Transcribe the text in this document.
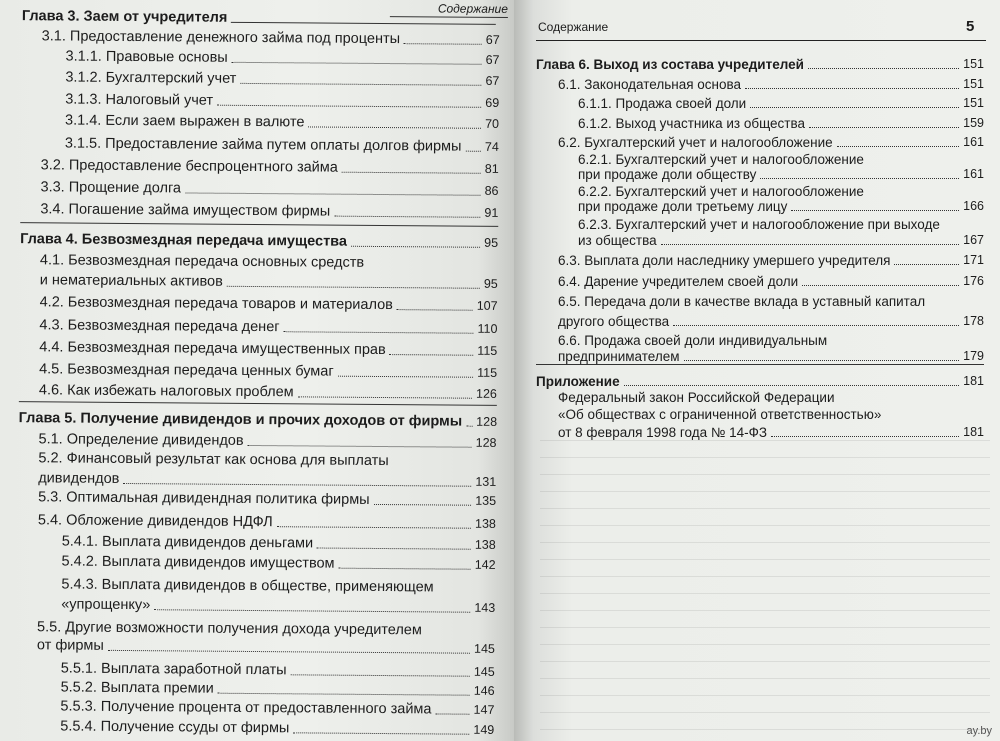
Содержание
Глава 3. Заем от учредителя
3.1. Предоставление денежного займа под проценты	67
3.1.1. Правовые основы	67
3.1.2. Бухгалтерский учет	67
3.1.3. Налоговый учет	69
3.1.4. Если заем выражен в валюте	70
3.1.5. Предоставление займа путем оплаты долгов фирмы 74
3.2. Предоставление беспроцентного займа	81
3.3. Прощение долга	86
3.4. Погашение займа имуществом фирмы	91
Глава 4. Безвозмездная передача имущества	95
4.1. Безвозмездная передача основных средств
и нематериальных активов	95
4.2. Безвозмездная передача товаров и материалов	107
4.3. Безвозмездная передача денег	110
4.4. Безвозмездная передача имущественных прав	115
4.5. Безвозмездная передача ценных бумаг	115
4.6. Как избежать налоговых проблем	126
Глава 5. Получение дивидендов и прочих доходов от фирмы 128
5.1. Определение дивидендов	128
5.2. Финансовый результат как основа для выплаты
дивидендов	131
5.3. Оптимальная дивидендная политика фирмы	135
5.4. Обложение дивидендов НДФЛ	138
5.4.1. Выплата дивидендов деньгами	138
5.4.2. Выплата дивидендов имуществом	142
5.4.3. Выплата дивидендов в обществе, применяющем
«упрощенку»	143
5.5. Другие возможности получения дохода учредителем
от фирмы	145
5.5.1. Выплата заработной платы	145
5.5.2. Выплата премии	146
5.5.3. Получение процента от предоставленного займа	147
5.5.4. Получение ссуды от фирмы	149
Содержание	5
Глава 6. Выход из состава учредителей	151
6.1. Законодательная основа	151
6.1.1. Продажа своей доли	151
6.1.2. Выход участника из общества	159
6.2. Бухгалтерский учет и налогообложение	161
6.2.1. Бухгалтерский учет и налогообложение
при продаже доли обществу	161
6.2.2. Бухгалтерский учет и налогообложение
при продаже доли третьему лицу	166
6.2.3. Бухгалтерский учет и налогообложение при выходе
из общества	167
6.3. Выплата доли наследнику умершего учредителя	171
6.4. Дарение учредителем своей доли	176
6.5. Передача доли в качестве вклада в уставный капитал
другого общества	178
6.6. Продажа своей доли индивидуальным
предпринимателем	179
Приложение	181
Федеральный закон Российской Федерации
«Об обществах с ограниченной ответственностью»
от 8 февраля 1998 года № 14-ФЗ	181
ay.by
